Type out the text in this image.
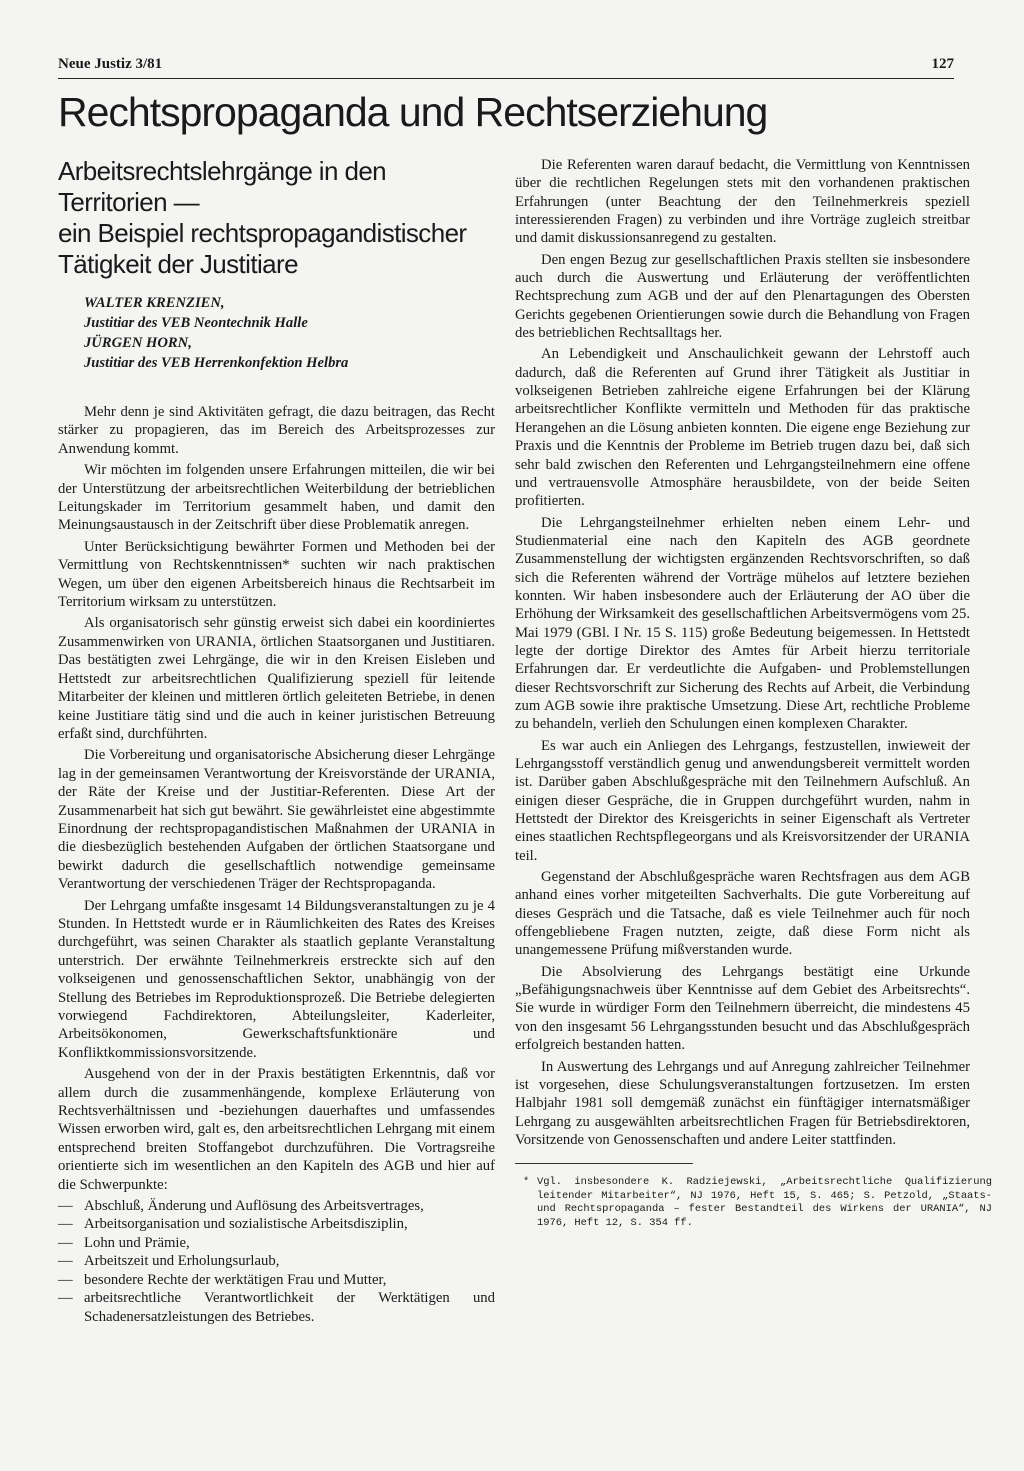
Neue Justiz 3/81	127
Rechtspropaganda und Rechtserziehung
Arbeitsrechtslehrgänge in den Territorien —
ein Beispiel rechtspropagandistischer
Tätigkeit der Justitiare
WALTER KRENZIEN,
Justitiar des VEB Neontechnik Halle
JÜRGEN HORN,
Justitiar des VEB Herrenkonfektion Helbra

Mehr denn je sind Aktivitäten gefragt, die dazu beitragen, das Recht stärker zu propagieren, das im Bereich des Arbeitsprozesses zur Anwendung kommt.

Wir möchten im folgenden unsere Erfahrungen mitteilen, die wir bei der Unterstützung der arbeitsrechtlichen Weiterbildung der betrieblichen Leitungskader im Territorium gesammelt haben, und damit den Meinungsaustausch in der Zeitschrift über diese Problematik anregen.

Unter Berücksichtigung bewährter Formen und Methoden bei der Vermittlung von Rechtskenntnissen* suchten wir nach praktischen Wegen, um über den eigenen Arbeitsbereich hinaus die Rechtsarbeit im Territorium wirksam zu unterstützen.

Als organisatorisch sehr günstig erweist sich dabei ein koordiniertes Zusammenwirken von URANIA, örtlichen Staatsorganen und Justitiaren. Das bestätigten zwei Lehrgänge, die wir in den Kreisen Eisleben und Hettstedt zur arbeitsrechtlichen Qualifizierung speziell für leitende Mitarbeiter der kleinen und mittleren örtlich geleiteten Betriebe, in denen keine Justitiare tätig sind und die auch in keiner juristischen Betreuung erfaßt sind, durchführten.

Die Vorbereitung und organisatorische Absicherung dieser Lehrgänge lag in der gemeinsamen Verantwortung der Kreisvorstände der URANIA, der Räte der Kreise und der Justitiar-Referenten. Diese Art der Zusammenarbeit hat sich gut bewährt. Sie gewährleistet eine abgestimmte Einordnung der rechtspropagandistischen Maßnahmen der URANIA in die diesbezüglich bestehenden Aufgaben der örtlichen Staatsorgane und bewirkt dadurch die gesellschaftlich notwendige gemeinsame Verantwortung der verschiedenen Träger der Rechtspropaganda.

Der Lehrgang umfaßte insgesamt 14 Bildungsveranstaltungen zu je 4 Stunden. In Hettstedt wurde er in Räumlichkeiten des Rates des Kreises durchgeführt, was seinen Charakter als staatlich geplante Veranstaltung unterstrich. Der erwähnte Teilnehmerkreis erstreckte sich auf den volkseigenen und genossenschaftlichen Sektor, unabhängig von der Stellung des Betriebes im Reproduktionsprozeß. Die Betriebe delegierten vorwiegend Fachdirektoren, Abteilungsleiter, Kaderleiter, Arbeitsökonomen, Gewerkschaftsfunktionäre und Konfliktkommissionsvorsitzende.

Ausgehend von der in der Praxis bestätigten Erkenntnis, daß vor allem durch die zusammenhängende, komplexe Erläuterung von Rechtsverhältnissen und -beziehungen dauerhaftes und umfassendes Wissen erworben wird, galt es, den arbeitsrechtlichen Lehrgang mit einem entsprechend breiten Stoffangebot durchzuführen. Die Vortragsreihe orientierte sich im wesentlichen an den Kapiteln des AGB und hier auf die Schwerpunkte:

— Abschluß, Änderung und Auflösung des Arbeitsvertrages,
— Arbeitsorganisation und sozialistische Arbeitsdisziplin,
— Lohn und Prämie,
— Arbeitszeit und Erholungsurlaub,
— besondere Rechte der werktätigen Frau und Mutter,
— arbeitsrechtliche Verantwortlichkeit der Werktätigen und Schadenersatzleistungen des Betriebes.

Die Referenten waren darauf bedacht, die Vermittlung von Kenntnissen über die rechtlichen Regelungen stets mit den vorhandenen praktischen Erfahrungen (unter Beachtung der den Teilnehmerkreis speziell interessierenden Fragen) zu verbinden und ihre Vorträge zugleich streitbar und damit diskussionsanregend zu gestalten.

Den engen Bezug zur gesellschaftlichen Praxis stellten sie insbesondere auch durch die Auswertung und Erläuterung der veröffentlichten Rechtsprechung zum AGB und der auf den Plenartagungen des Obersten Gerichts gegebenen Orientierungen sowie durch die Behandlung von Fragen des betrieblichen Rechtsalltags her.

An Lebendigkeit und Anschaulichkeit gewann der Lehrstoff auch dadurch, daß die Referenten auf Grund ihrer Tätigkeit als Justitiar in volkseigenen Betrieben zahlreiche eigene Erfahrungen bei der Klärung arbeitsrechtlicher Konflikte vermitteln und Methoden für das praktische Herangehen an die Lösung anbieten konnten. Die eigene enge Beziehung zur Praxis und die Kenntnis der Probleme im Betrieb trugen dazu bei, daß sich sehr bald zwischen den Referenten und Lehrgangsteilnehmern eine offene und vertrauensvolle Atmosphäre herausbildete, von der beide Seiten profitierten.

Die Lehrgangsteilnehmer erhielten neben einem Lehr- und Studienmaterial eine nach den Kapiteln des AGB geordnete Zusammenstellung der wichtigsten ergänzenden Rechtsvorschriften, so daß sich die Referenten während der Vorträge mühelos auf letztere beziehen konnten. Wir haben insbesondere auch der Erläuterung der AO über die Erhöhung der Wirksamkeit des gesellschaftlichen Arbeitsvermögens vom 25. Mai 1979 (GBl. I Nr. 15 S. 115) große Bedeutung beigemessen. In Hettstedt legte der dortige Direktor des Amtes für Arbeit hierzu territoriale Erfahrungen dar. Er verdeutlichte die Aufgaben- und Problemstellungen dieser Rechtsvorschrift zur Sicherung des Rechts auf Arbeit, die Verbindung zum AGB sowie ihre praktische Umsetzung. Diese Art, rechtliche Probleme zu behandeln, verlieh den Schulungen einen komplexen Charakter.

Es war auch ein Anliegen des Lehrgangs, festzustellen, inwieweit der Lehrgangsstoff verständlich genug und anwendungsbereit vermittelt worden ist. Darüber gaben Abschlußgespräche mit den Teilnehmern Aufschluß. An einigen dieser Gespräche, die in Gruppen durchgeführt wurden, nahm in Hettstedt der Direktor des Kreisgerichts in seiner Eigenschaft als Vertreter eines staatlichen Rechtspflegeorgans und als Kreisvorsitzender der URANIA teil.

Gegenstand der Abschlußgespräche waren Rechtsfragen aus dem AGB anhand eines vorher mitgeteilten Sachverhalts. Die gute Vorbereitung auf dieses Gespräch und die Tatsache, daß es viele Teilnehmer auch für noch offengebliebene Fragen nutzten, zeigte, daß diese Form nicht als unangemessene Prüfung mißverstanden wurde.

Die Absolvierung des Lehrgangs bestätigt eine Urkunde „Befähigungsnachweis über Kenntnisse auf dem Gebiet des Arbeitsrechts“. Sie wurde in würdiger Form den Teilnehmern überreicht, die mindestens 45 von den insgesamt 56 Lehrgangsstunden besucht und das Abschlußgespräch erfolgreich bestanden hatten.

In Auswertung des Lehrgangs und auf Anregung zahlreicher Teilnehmer ist vorgesehen, diese Schulungsveranstaltungen fortzusetzen. Im ersten Halbjahr 1981 soll demgemäß zunächst ein fünftägiger internatsmäßiger Lehrgang zu ausgewählten arbeitsrechtlichen Fragen für Betriebsdirektoren, Vorsitzende von Genossenschaften und andere Leiter stattfinden.

* Vgl. insbesondere K. Radziejewski, „Arbeitsrechtliche Qualifizierung leitender Mitarbeiter“, NJ 1976, Heft 15, S. 465; S. Petzold, „Staats- und Rechtspropaganda – fester Bestandteil des Wirkens der URANIA“, NJ 1976, Heft 12, S. 354 ff.
